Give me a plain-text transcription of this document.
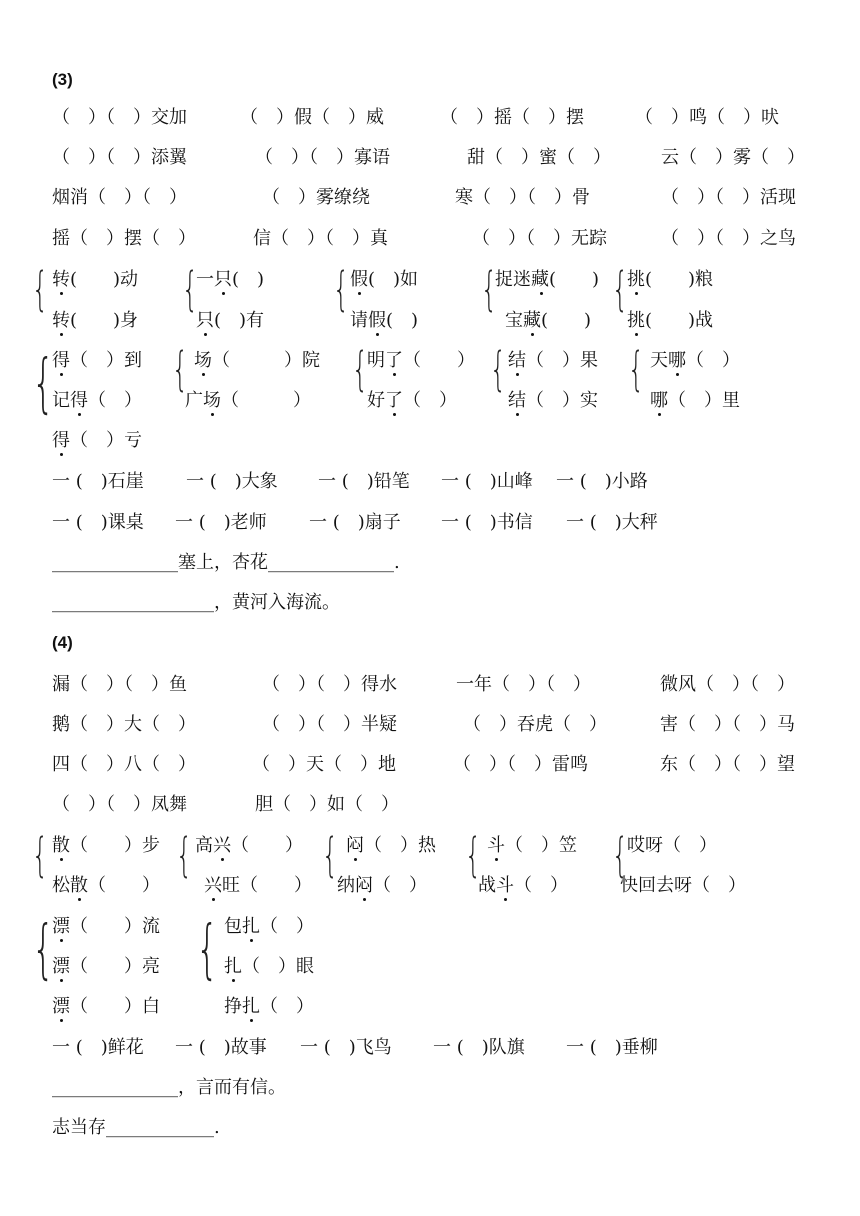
(3)
（　）（　）交加	（　）假（　）威	（　）摇（　）摆	（　）鸣（　）吠
（　）（　）添翼	（　）（　）寡语	甜（　）蜜（　）	云（　）雾（　）
烟消（　）（　）	（　）雾缭绕	寒（　）（　）骨	（　）（　）活现
摇（　）摆（　）	信（　）（　）真	（　）（　）无踪	（　）（　）之鸟
{ 转(　　)动
转(　　)身
{
一只(　)
只(　)有
{ 假(　)如
请假(　)
{
捉迷藏(　　)
宝藏(　　)
{
挑(　　)粮
挑(　　)战
{
得（　）到
记得（　）
得（　）亏
{ 场（　　　）院
广场（　　　）
{
明了（　　）
好了（　）
{ 结（　）果
结（　）实
{ 天哪（　）
哪（　）里
一 (　)石崖 一 (　)大象 一 (　)铅笔 一 (　)山峰 一 (　)小路
一 (　)课桌 一 (　)老师 一 (　)扇子 一 (　)书信 一 (　)大秤
______________塞上，杏花______________.
__________________，黄河入海流。
(4)
漏（　）（　）鱼	（　）（　）得水	一年（　）（　）	微风（　）（　）
鹅（　）大（　）	（　）（　）半疑	（　）吞虎（　）	害（　）（　）马
四（　）八（　）	（　）天（　）地	（　）（　）雷鸣	东（　）（　）望
（　）（　）凤舞	胆（　）如（　）
{ 散（　　）步
松散（　　）
{ 高兴（　　）
兴旺（　　）
{ 闷（　）热
纳闷（　）
{ 斗（　）笠
战斗（　）
{
哎呀（　）
快回去呀（　）
{
漂（　　）流
漂（　　）亮
漂（　　）白
{ 包扎（　）
扎（　）眼
挣扎（　）
一 (　)鲜花 一 (　)故事 一 (　)飞鸟 一 (　)队旗 一 (　)垂柳
______________，言而有信。
志当存____________.
